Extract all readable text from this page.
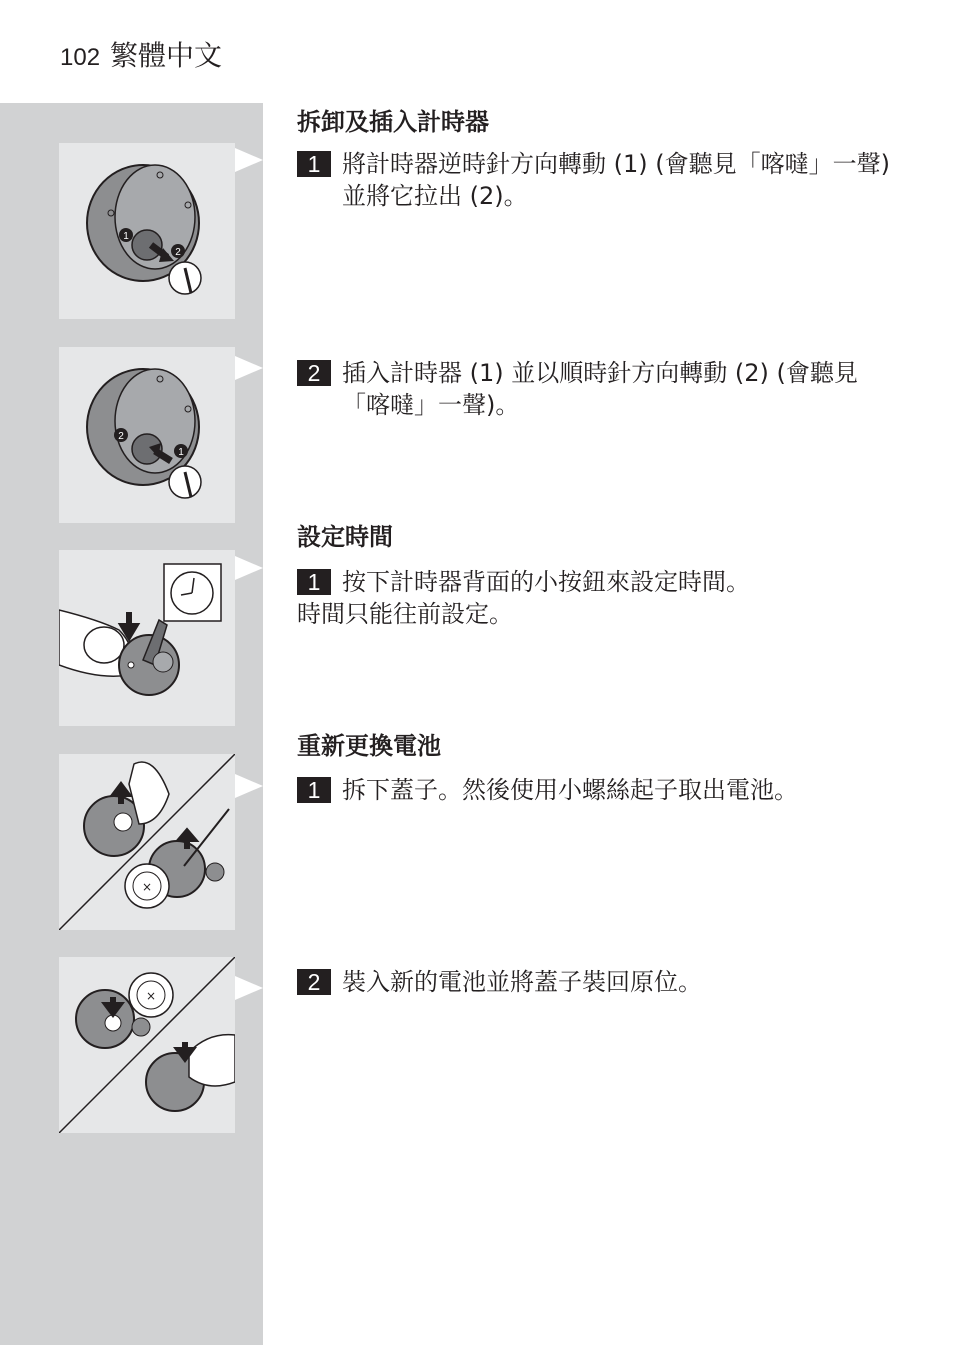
102 繁體中文
1
2
2
1
×
×
拆卸及插入計時器
1 將計時器逆時針方向轉動 (1) (會聽見「喀噠」一聲) 並將它拉出 (2)。
2 插入計時器 (1) 並以順時針方向轉動 (2) (會聽見「喀噠」一聲)。
設定時間
1 按下計時器背面的小按鈕來設定時間。
時間只能往前設定。
重新更換電池
1 拆下蓋子。然後使用小螺絲起子取出電池。
2 裝入新的電池並將蓋子裝回原位。
